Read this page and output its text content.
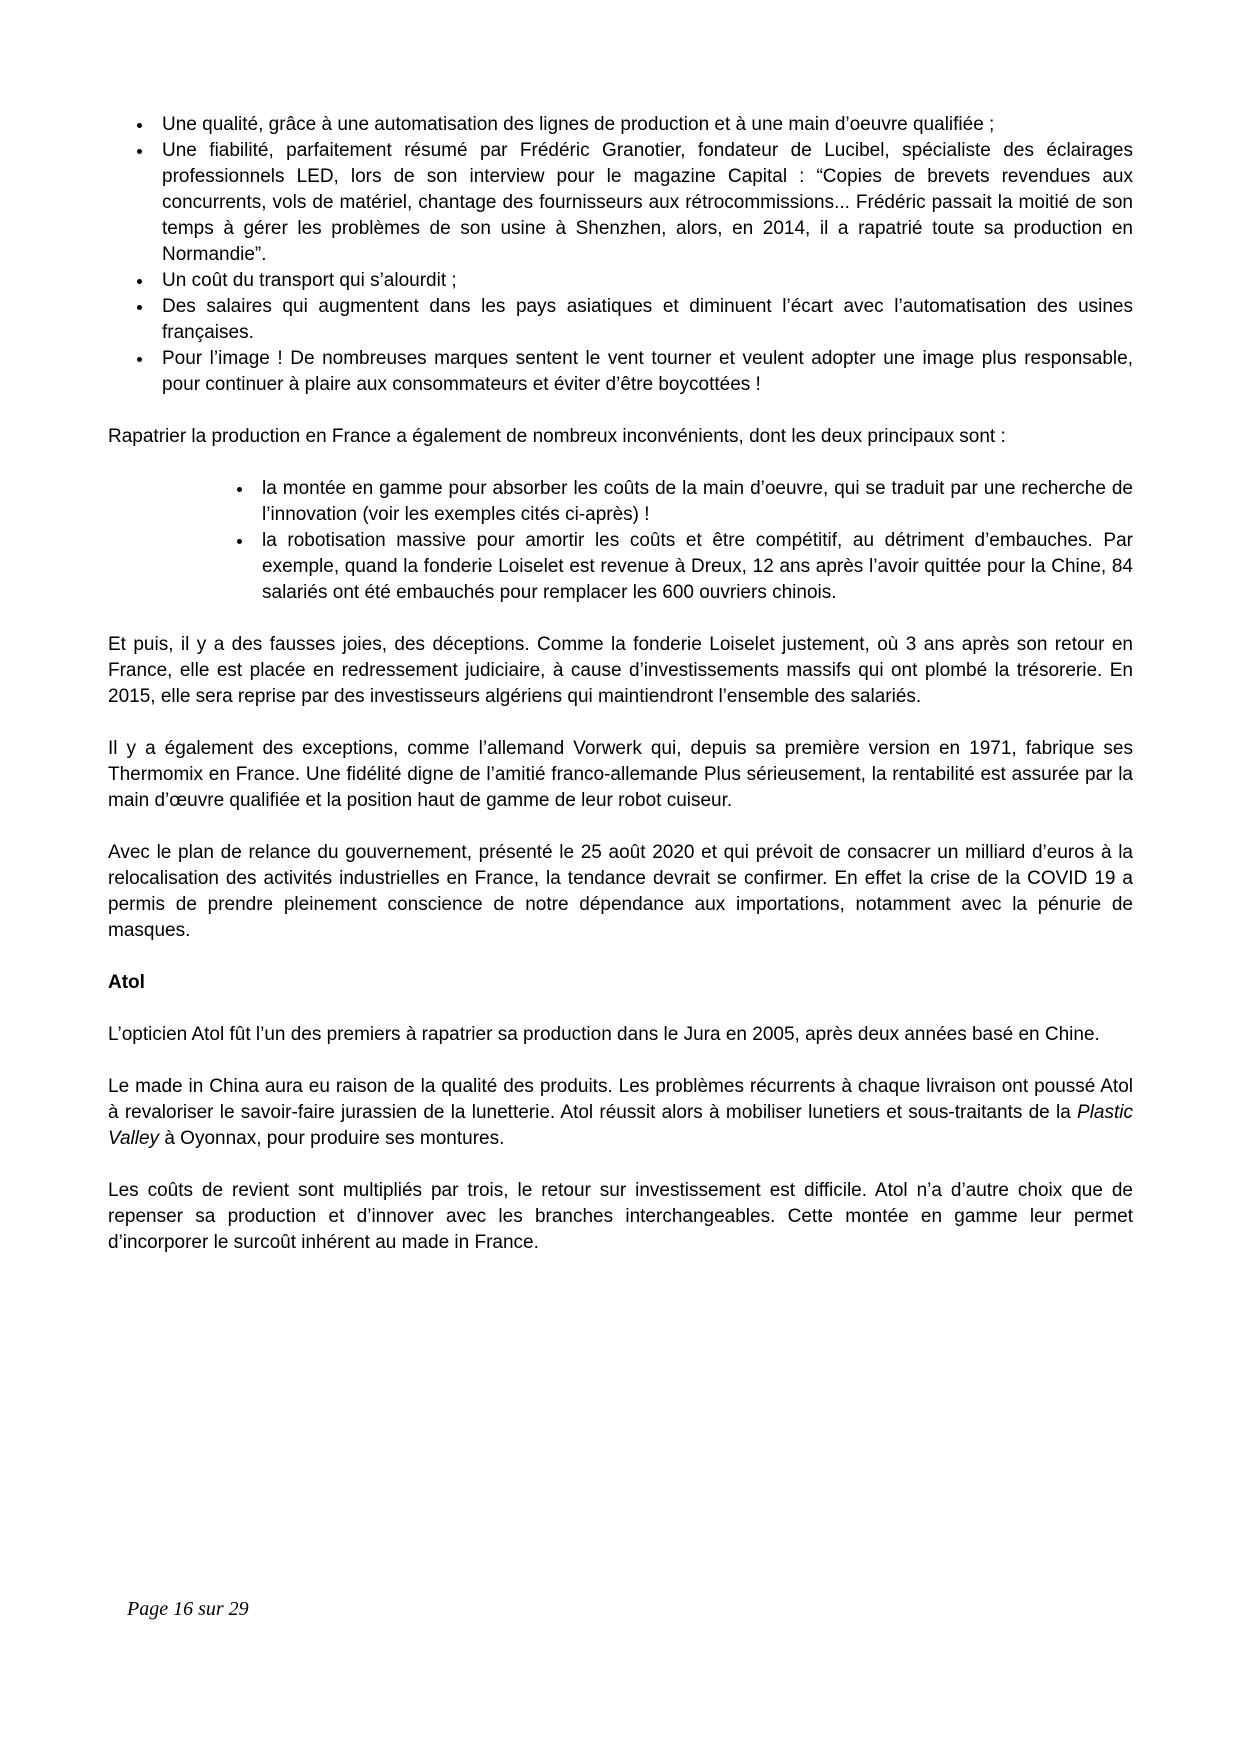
Une qualité, grâce à une automatisation des lignes de production et à une main d’oeuvre qualifiée ;
Une fiabilité, parfaitement résumé par Frédéric Granotier, fondateur de Lucibel, spécialiste des éclairages professionnels LED, lors de son interview pour le magazine Capital : “Copies de brevets revendues aux concurrents, vols de matériel, chantage des fournisseurs aux rétrocommissions... Frédéric passait la moitié de son temps à gérer les problèmes de son usine à Shenzhen, alors, en 2014, il a rapatrié toute sa production en Normandie”.
Un coût du transport qui s’alourdit ;
Des salaires qui augmentent dans les pays asiatiques et diminuent l’écart avec l’automatisation des usines françaises.
Pour l’image ! De nombreuses marques sentent le vent tourner et veulent adopter une image plus responsable, pour continuer à plaire aux consommateurs et éviter d’être boycottées !

Rapatrier la production en France a également de nombreux inconvénients, dont les deux principaux sont :

la montée en gamme pour absorber les coûts de la main d’oeuvre, qui se traduit par une recherche de l’innovation (voir les exemples cités ci-après) !
la robotisation massive pour amortir les coûts et être compétitif, au détriment d’embauches. Par exemple, quand la fonderie Loiselet est revenue à Dreux, 12 ans après l’avoir quittée pour la Chine, 84 salariés ont été embauchés pour remplacer les 600 ouvriers chinois.

Et puis, il y a des fausses joies, des déceptions. Comme la fonderie Loiselet justement, où 3 ans après son retour en France, elle est placée en redressement judiciaire, à cause d’investissements massifs qui ont plombé la trésorerie. En 2015, elle sera reprise par des investisseurs algériens qui maintiendront l’ensemble des salariés.

Il y a également des exceptions, comme l’allemand Vorwerk qui, depuis sa première version en 1971, fabrique ses Thermomix en France. Une fidélité digne de l’amitié franco-allemande Plus sérieusement, la rentabilité est assurée par la main d’œuvre qualifiée et la position haut de gamme de leur robot cuiseur.

Avec le plan de relance du gouvernement, présenté le 25 août 2020 et qui prévoit de consacrer un milliard d’euros à la relocalisation des activités industrielles en France, la tendance devrait se confirmer. En effet la crise de la COVID 19 a permis de prendre pleinement conscience de notre dépendance aux importations, notamment avec la pénurie de masques.

Atol

L’opticien Atol fût l’un des premiers à rapatrier sa production dans le Jura en 2005, après deux années basé en Chine.

Le made in China aura eu raison de la qualité des produits. Les problèmes récurrents à chaque livraison ont poussé Atol à revaloriser le savoir-faire jurassien de la lunetterie. Atol réussit alors à mobiliser lunetiers et sous-traitants de la Plastic Valley à Oyonnax, pour produire ses montures.

Les coûts de revient sont multipliés par trois, le retour sur investissement est difficile. Atol n’a d’autre choix que de repenser sa production et d’innover avec les branches interchangeables. Cette montée en gamme leur permet d’incorporer le surcoût inhérent au made in France.

Page 16 sur 29
